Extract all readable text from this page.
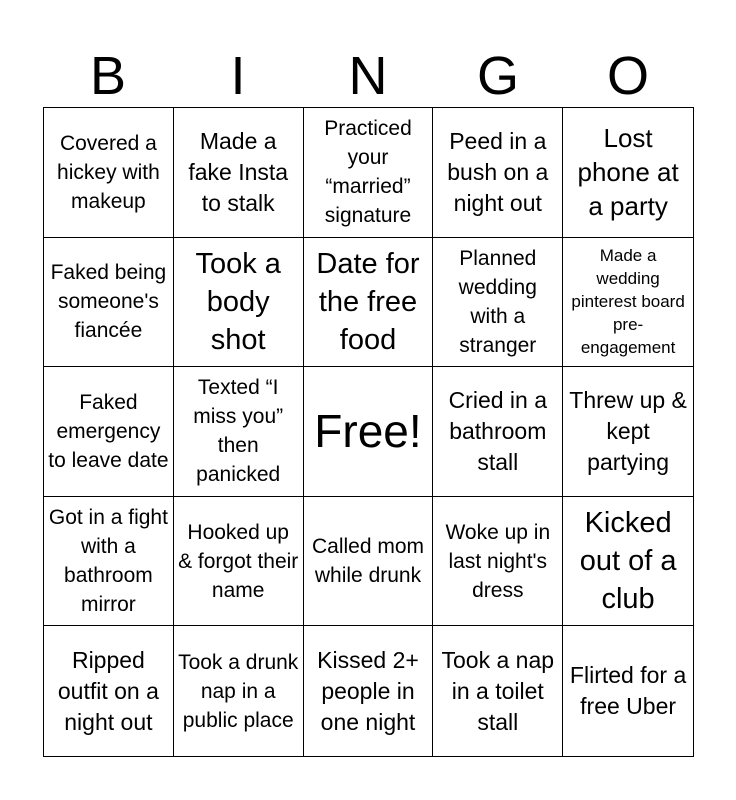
B	I	N	G	O
Covered a hickey with makeup
Made a fake Insta to stalk
Practiced your “married” signature
Peed in a bush on a night out
Lost phone at a party
Faked being someone's fiancée
Took a body shot
Date for the free food
Planned wedding with a stranger
Made a wedding pinterest board pre-engagement
Faked emergency to leave date
Texted “I miss you” then panicked
Free!
Cried in a bathroom stall
Threw up & kept partying
Got in a fight with a bathroom mirror
Hooked up & forgot their name
Called mom while drunk
Woke up in last night's dress
Kicked out of a club
Ripped outfit on a night out
Took a drunk nap in a public place
Kissed 2+ people in one night
Took a nap in a toilet stall
Flirted for a free Uber
